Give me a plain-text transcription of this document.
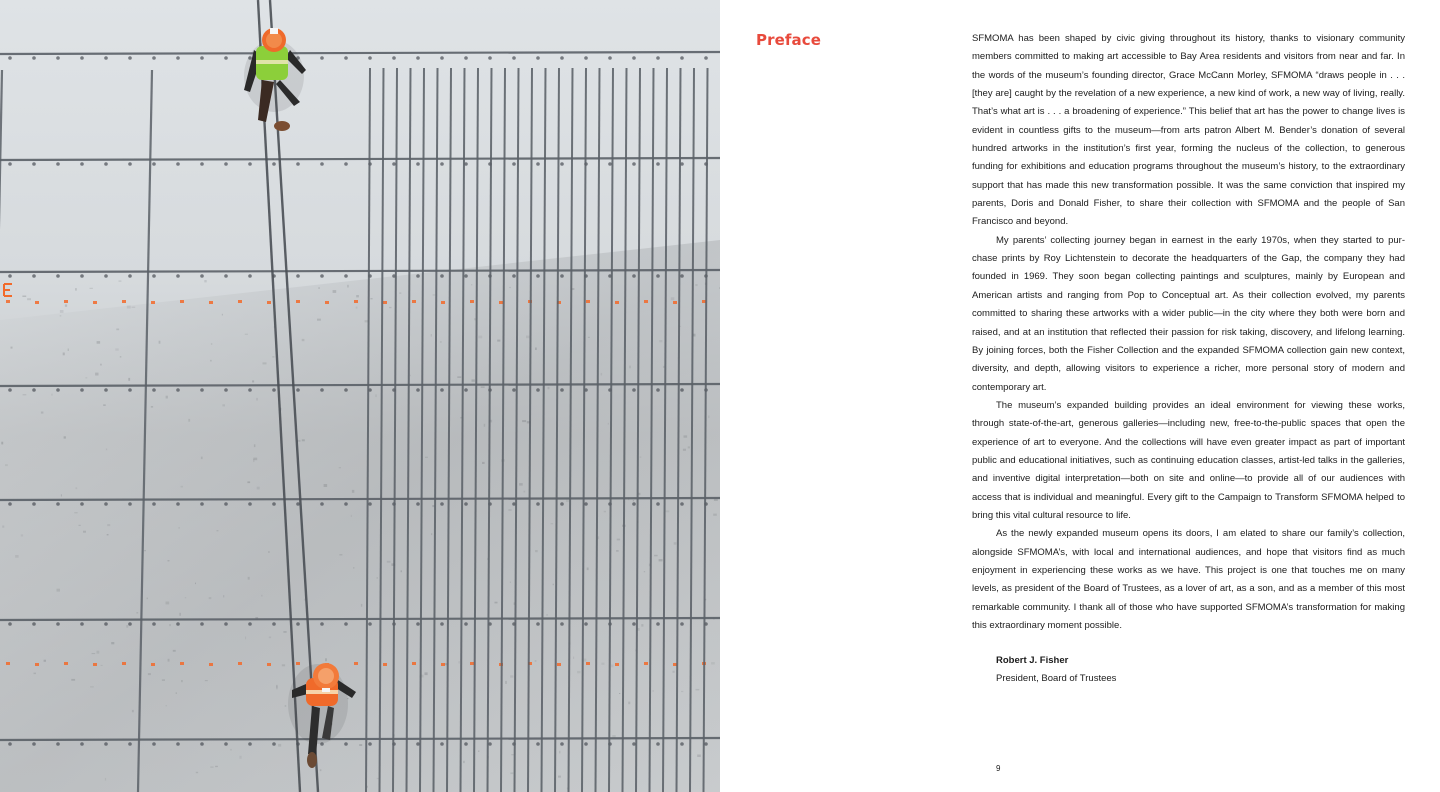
Preface	SFMOMA has been shaped by civic giving throughout its history, thanks to visionary community members committed to making art accessible to Bay Area residents and visitors from near and far. In the words of the museum’s founding director, Grace McCann Morley, SFMOMA “draws people in . . . [they are] caught by the revelation of a new experience, a new kind of work, a new way of living, really. That’s what art is . . . a broadening of experience.” This belief that art has the power to change lives is evident in countless gifts to the museum—from arts patron Albert M. Bender’s donation of several hundred artworks in the institution’s first year, forming the nucleus of the collection, to generous funding for exhibitions and education programs throughout the museum’s history, to the extraordinary support that has made this new transformation possible. It was the same conviction that inspired my parents, Doris and Donald Fisher, to share their collection with SFMOMA and the people of San Francisco and beyond.

My parents’ collecting journey began in earnest in the early 1970s, when they started to pur-chase prints by Roy Lichtenstein to decorate the headquarters of the Gap, the company they had founded in 1969. They soon began collecting paintings and sculptures, mainly by European and American artists and ranging from Pop to Conceptual art. As their collection evolved, my parents committed to sharing these artworks with a wider public—in the city where they both were born and raised, and at an institution that reflected their passion for risk taking, discovery, and lifelong learning. By joining forces, both the Fisher Collection and the expanded SFMOMA collection gain new context, diversity, and depth, allowing visitors to experience a richer, more personal story of modern and contemporary art.

The museum’s expanded building provides an ideal environment for viewing these works, through state-of-the-art, generous galleries—including new, free-to-the-public spaces that open the experience of art to everyone. And the collections will have even greater impact as part of important public and educational initiatives, such as continuing education classes, artist-led talks in the galleries, and inventive digital interpretation—both on site and online—to provide all of our audiences with access that is individual and meaningful. Every gift to the Campaign to Transform SFMOMA helped to bring this vital cultural resource to life.

As the newly expanded museum opens its doors, I am elated to share our family’s collection, alongside SFMOMA’s, with local and international audiences, and hope that visitors find as much enjoyment in experiencing these works as we have. This project is one that touches me on many levels, as president of the Board of Trustees, as a lover of art, as a son, and as a member of this most remarkable community. I thank all of those who have supported SFMOMA’s transformation for making this extraordinary moment possible.

Robert J. Fisher
President, Board of Trustees
9
